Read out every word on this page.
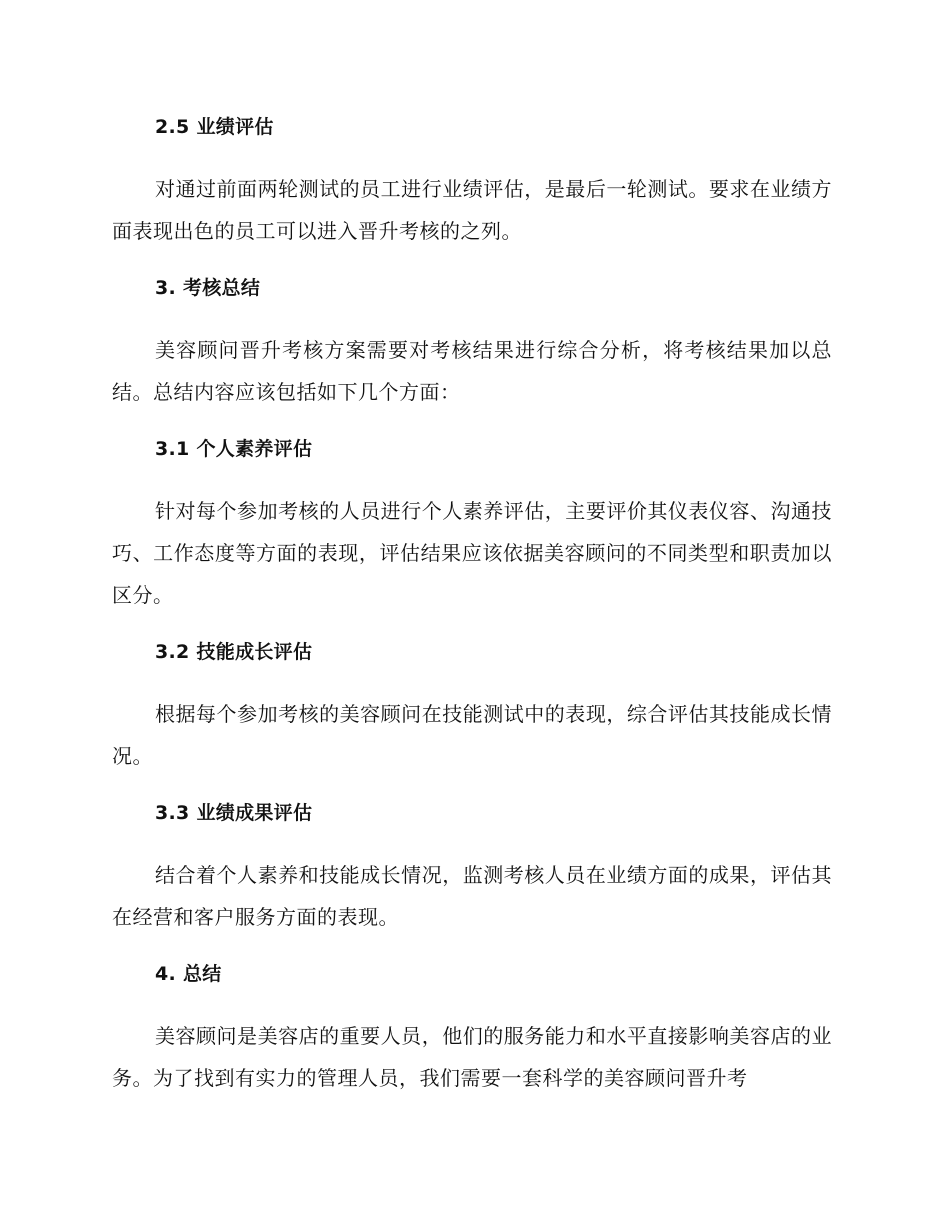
2.5 业绩评估

对通过前面两轮测试的员工进行业绩评估，是最后一轮测试。要求在业绩方面表现出色的员工可以进入晋升考核的之列。

3. 考核总结

美容顾问晋升考核方案需要对考核结果进行综合分析，将考核结果加以总结。总结内容应该包括如下几个方面：

3.1 个人素养评估

针对每个参加考核的人员进行个人素养评估，主要评价其仪表仪容、沟通技巧、工作态度等方面的表现，评估结果应该依据美容顾问的不同类型和职责加以区分。

3.2 技能成长评估

根据每个参加考核的美容顾问在技能测试中的表现，综合评估其技能成长情况。

3.3 业绩成果评估

结合着个人素养和技能成长情况，监测考核人员在业绩方面的成果，评估其在经营和客户服务方面的表现。

4. 总结

美容顾问是美容店的重要人员，他们的服务能力和水平直接影响美容店的业务。为了找到有实力的管理人员，我们需要一套科学的美容顾问晋升考
